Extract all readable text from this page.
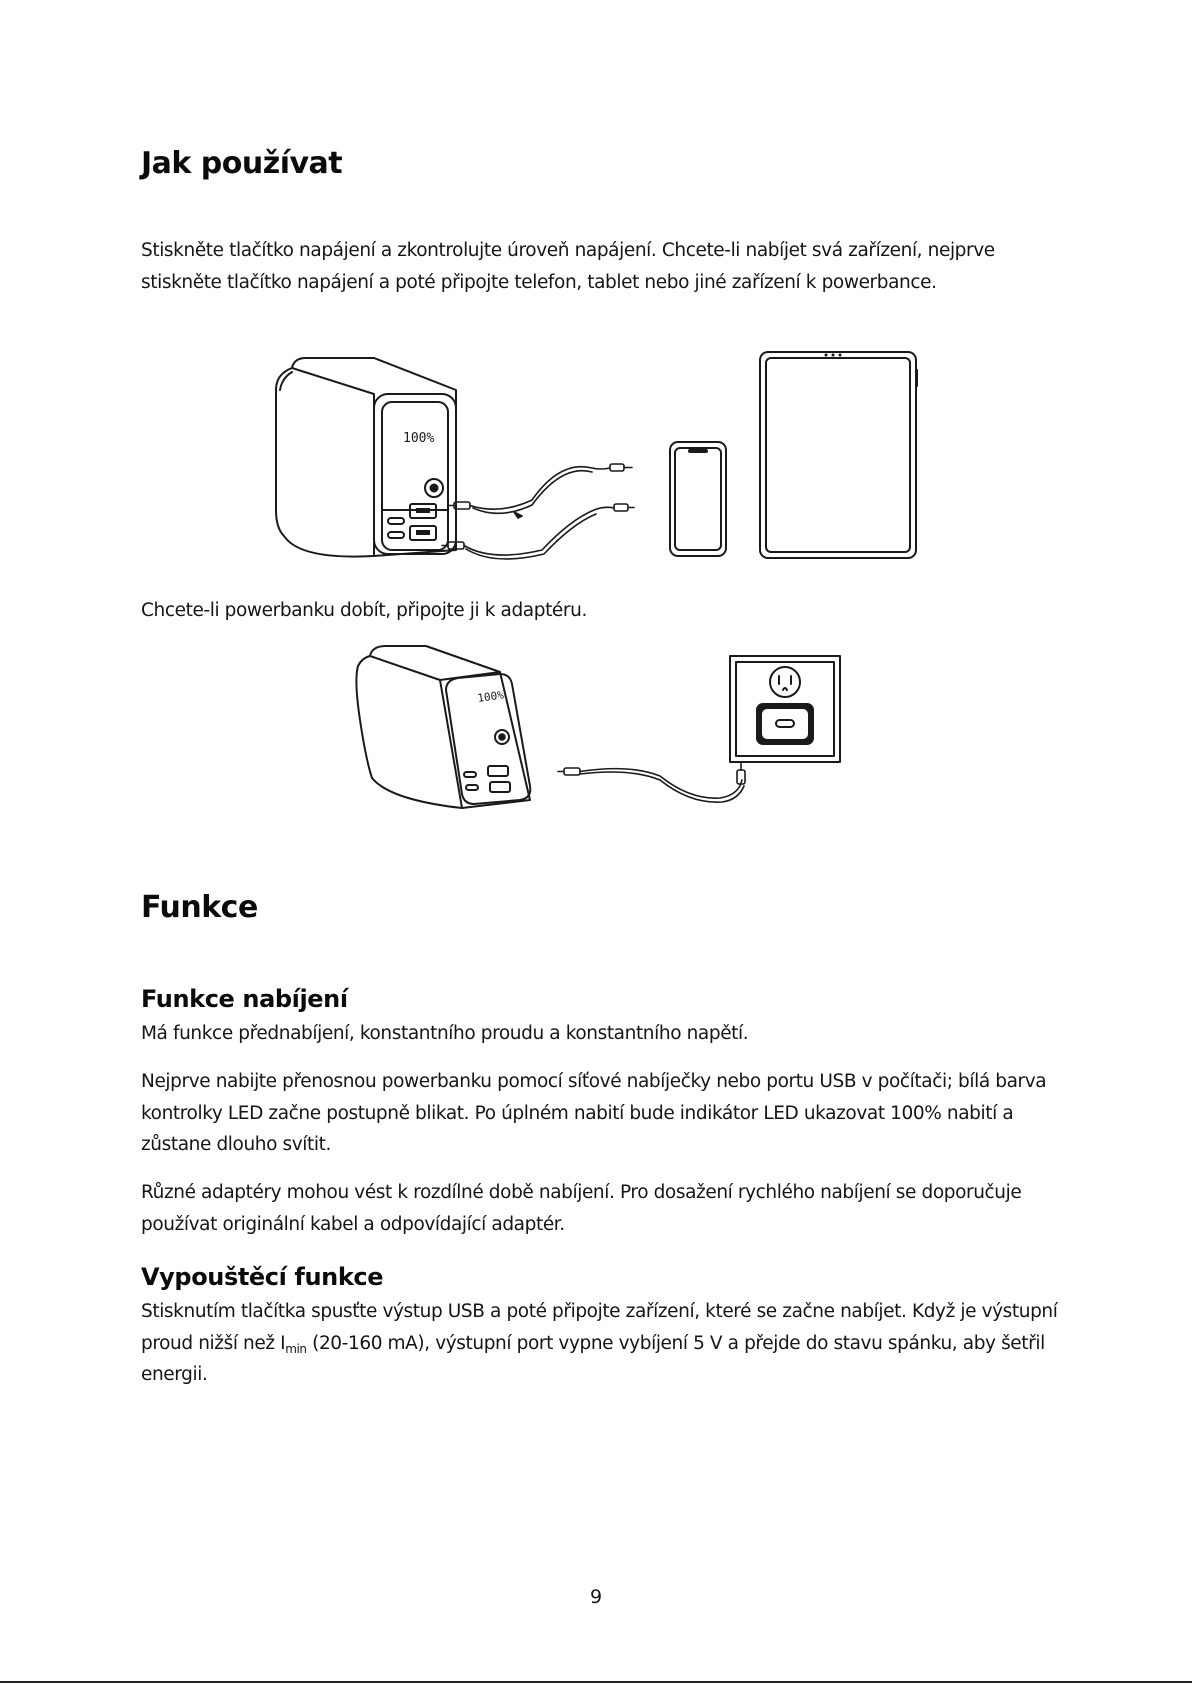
Jak používat

Stiskněte tlačítko napájení a zkontrolujte úroveň napájení. Chcete-li nabíjet svá zařízení, nejprve stiskněte tlačítko napájení a poté připojte telefon, tablet nebo jiné zařízení k powerbance.

100%

Chcete-li powerbanku dobít, připojte ji k adaptéru.

100%
Funkce
Funkce nabíjení

Má funkce přednabíjení, konstantního proudu a konstantního napětí.

Nejprve nabijte přenosnou powerbanku pomocí síťové nabíječky nebo portu USB v počítači; bílá barva kontrolky LED začne postupně blikat. Po úplném nabití bude indikátor LED ukazovat 100% nabití a zůstane dlouho svítit.

Různé adaptéry mohou vést k rozdílné době nabíjení. Pro dosažení rychlého nabíjení se doporučuje používat originální kabel a odpovídající adaptér.

Vypouštěcí funkce

Stisknutím tlačítka spusťte výstup USB a poté připojte zařízení, které se začne nabíjet. Když je výstupní proud nižší než $I_{min}$ (20-160 mA), výstupní port vypne vybíjení 5 V a přejde do stavu spánku, aby šetřil energii.

9
